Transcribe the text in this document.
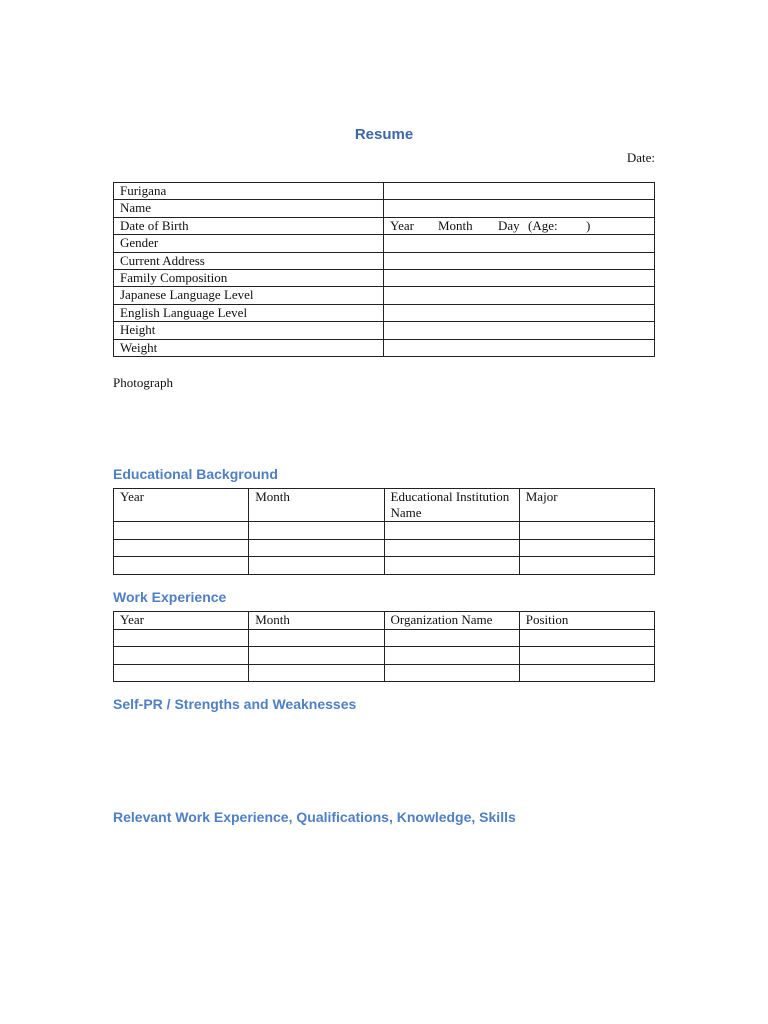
Resume
Date:
Furigana	
Name	
Date of Birth	Year Month Day (Age: )
Gender	
Current Address	
Family Composition	
Japanese Language Level	
English Language Level	
Height	
Weight	
Photograph
Educational Background
Year	Month	Educational Institution Name	Major

Work Experience
Year	Month	Organization Name	Position

Self-PR / Strengths and Weaknesses
Relevant Work Experience, Qualifications, Knowledge, Skills
